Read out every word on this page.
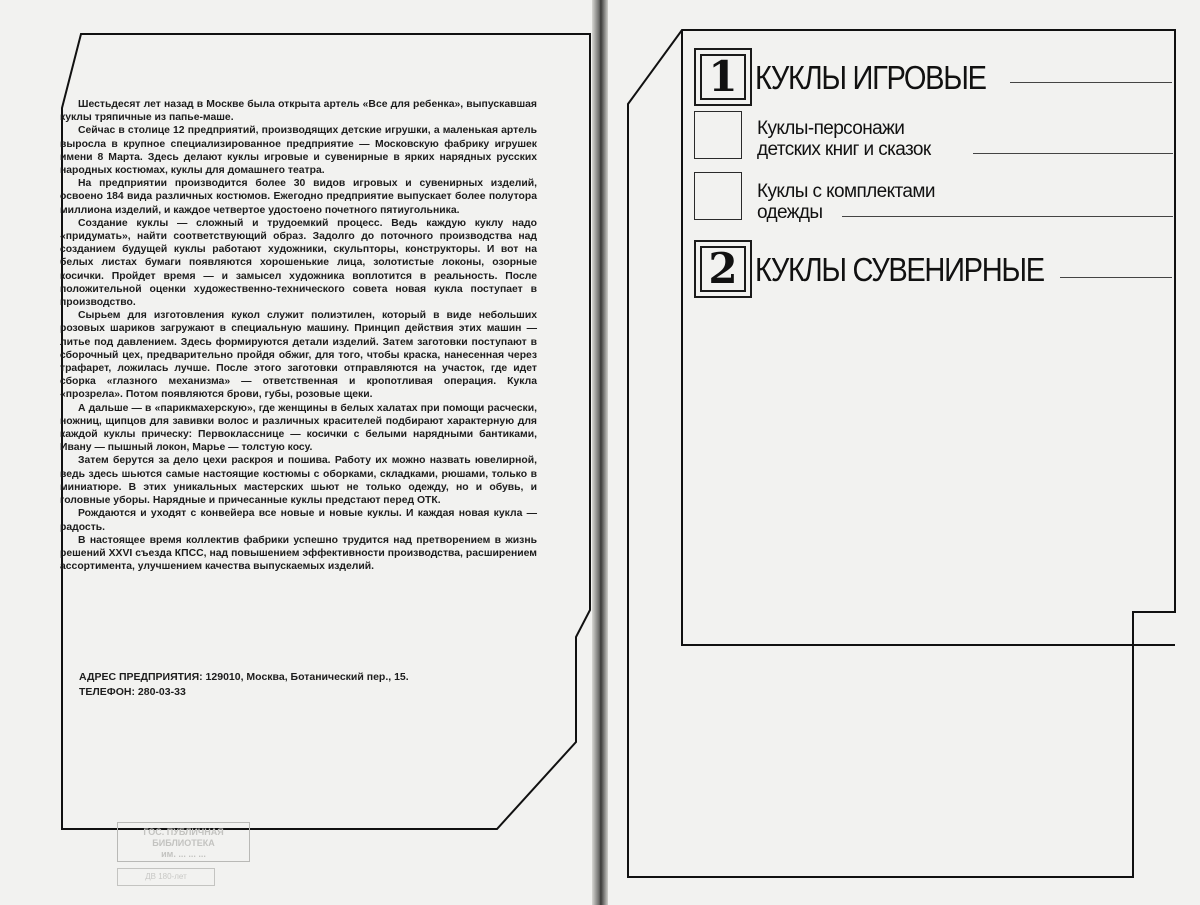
Шестьдесят лет назад в Москве была открыта артель «Все для ребенка», выпускавшая куклы тряпичные из папье-маше.

Сейчас в столице 12 предприятий, производящих детские игрушки, а маленькая артель выросла в крупное специализированное предприятие — Московскую фабрику игрушек имени 8 Марта. Здесь делают куклы игровые и сувенирные в ярких нарядных русских народных костюмах, куклы для домашнего театра.

На предприятии производится более 30 видов игровых и сувенирных изделий, освоено 184 вида различных костюмов. Ежегодно предприятие выпускает более полутора миллиона изделий, и каждое четвертое удостоено почетного пятиугольника.

Создание куклы — сложный и трудоемкий процесс. Ведь каждую куклу надо «придумать», найти соответствующий образ. Задолго до поточного производства над созданием будущей куклы работают художники, скульпторы, конструкторы. И вот на белых листах бумаги появляются хорошенькие лица, золотистые локоны, озорные косички. Пройдет время — и замысел художника воплотится в реальность. После положительной оценки художественно-технического совета новая кукла поступает в производство.

Сырьем для изготовления кукол служит полиэтилен, который в виде небольших розовых шариков загружают в специальную машину. Принцип действия этих машин — литье под давлением. Здесь формируются детали изделий. Затем заготовки поступают в сборочный цех, предварительно пройдя обжиг, для того, чтобы краска, нанесенная через трафарет, ложилась лучше. После этого заготовки отправляются на участок, где идет сборка «глазного механизма» — ответственная и кропотливая операция. Кукла «прозрела». Потом появляются брови, губы, розовые щеки.

А дальше — в «парикмахерскую», где женщины в белых халатах при помощи расчески, ножниц, щипцов для завивки волос и различных красителей подбирают характерную для каждой куклы прическу: Первокласснице — косички с белыми нарядными бантиками, Ивану — пышный локон, Марье — толстую косу.

Затем берутся за дело цехи раскроя и пошива. Работу их можно назвать ювелирной, ведь здесь шьются самые настоящие костюмы с оборками, складками, рюшами, только в миниатюре. В этих уникальных мастерских шьют не только одежду, но и обувь, и головные уборы. Нарядные и причесанные куклы предстают перед ОТК.

Рождаются и уходят с конвейера все новые и новые куклы. И каждая новая кукла — радость.

В настоящее время коллектив фабрики успешно трудится над претворением в жизнь решений XXVI съезда КПСС, над повышением эффективности производства, расширением ассортимента, улучшением качества выпускаемых изделий.

АДРЕС ПРЕДПРИЯТИЯ: 129010, Москва, Ботанический пер., 15.
ТЕЛЕФОН: 280-03-33
ГОС. ПУБЛИЧНАЯ
БИБЛИОТЕКА
им. ... ... ...
ДВ 180-лет
1 КУКЛЫ ИГРОВЫЕ
Куклы-персонажи
детских книг и сказок
Куклы с комплектами
одежды
2 КУКЛЫ СУВЕНИРНЫЕ
